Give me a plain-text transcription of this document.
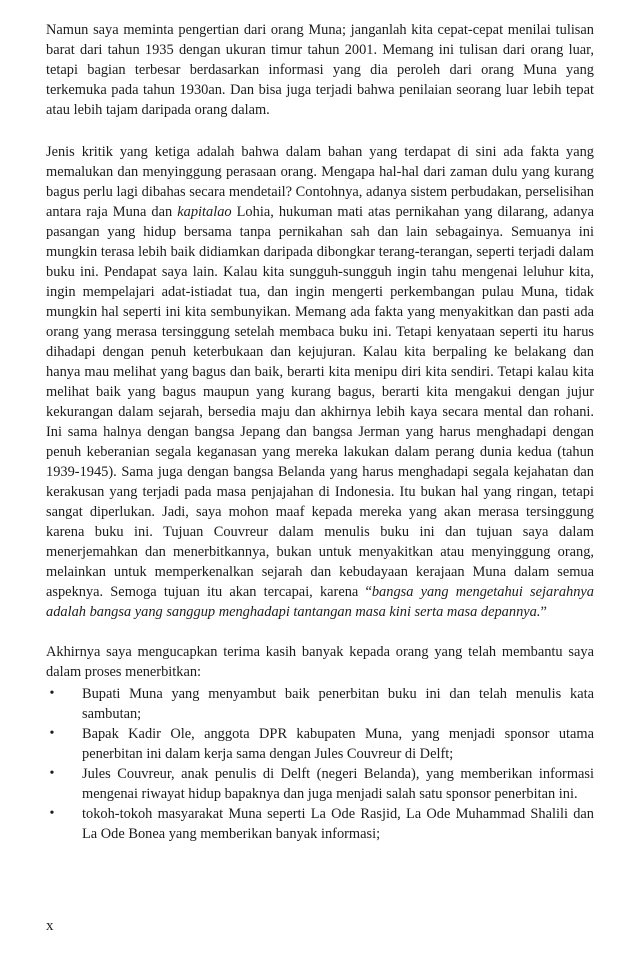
Namun saya meminta pengertian dari orang Muna; janganlah kita cepat-cepat menilai tulisan barat dari tahun 1935 dengan ukuran timur tahun 2001. Memang ini tulisan dari orang luar, tetapi bagian terbesar berdasarkan informasi yang dia peroleh dari orang Muna yang terkemuka pada tahun 1930an. Dan bisa juga terjadi bahwa penilaian seorang luar lebih tepat atau lebih tajam daripada orang dalam.

Jenis kritik yang ketiga adalah bahwa dalam bahan yang terdapat di sini ada fakta yang memalukan dan menyinggung perasaan orang. Mengapa hal-hal dari zaman dulu yang kurang bagus perlu lagi dibahas secara mendetail? Contohnya, adanya sistem perbudakan, perselisihan antara raja Muna dan kapitalao Lohia, hukuman mati atas pernikahan yang dilarang, adanya pasangan yang hidup bersama tanpa pernikahan sah dan lain sebagainya. Semuanya ini mungkin terasa lebih baik didiamkan daripada dibongkar terang-terangan, seperti terjadi dalam buku ini. Pendapat saya lain. Kalau kita sungguh-sungguh ingin tahu mengenai leluhur kita, ingin mempelajari adat-istiadat tua, dan ingin mengerti perkembangan pulau Muna, tidak mungkin hal seperti ini kita sembunyikan. Memang ada fakta yang menyakitkan dan pasti ada orang yang merasa tersinggung setelah membaca buku ini. Tetapi kenyataan seperti itu harus dihadapi dengan penuh keterbukaan dan kejujuran. Kalau kita berpaling ke belakang dan hanya mau melihat yang bagus dan baik, berarti kita menipu diri kita sendiri. Tetapi kalau kita melihat baik yang bagus maupun yang kurang bagus, berarti kita mengakui dengan jujur kekurangan dalam sejarah, bersedia maju dan akhirnya lebih kaya secara mental dan rohani. Ini sama halnya dengan bangsa Jepang dan bangsa Jerman yang harus menghadapi dengan penuh keberanian segala keganasan yang mereka lakukan dalam perang dunia kedua (tahun 1939-1945). Sama juga dengan bangsa Belanda yang harus menghadapi segala kejahatan dan kerakusan yang terjadi pada masa penjajahan di Indonesia. Itu bukan hal yang ringan, tetapi sangat diperlukan. Jadi, saya mohon maaf kepada mereka yang akan merasa tersinggung karena buku ini. Tujuan Couvreur dalam menulis buku ini dan tujuan saya dalam menerjemahkan dan menerbitkannya, bukan untuk menyakitkan atau menyinggung orang, melainkan untuk memperkenalkan sejarah dan kebudayaan kerajaan Muna dalam semua aspeknya. Semoga tujuan itu akan tercapai, karena “bangsa yang mengetahui sejarahnya adalah bangsa yang sanggup menghadapi tantangan masa kini serta masa depannya.”

Akhirnya saya mengucapkan terima kasih banyak kepada orang yang telah membantu saya dalam proses menerbitkan:

• Bupati Muna yang menyambut baik penerbitan buku ini dan telah menulis kata sambutan;
• Bapak Kadir Ole, anggota DPR kabupaten Muna, yang menjadi sponsor utama penerbitan ini dalam kerja sama dengan Jules Couvreur di Delft;
• Jules Couvreur, anak penulis di Delft (negeri Belanda), yang memberikan informasi mengenai riwayat hidup bapaknya dan juga menjadi salah satu sponsor penerbitan ini.
• tokoh-tokoh masyarakat Muna seperti La Ode Rasjid, La Ode Muhammad Shalili dan La Ode Bonea yang memberikan banyak informasi;
x
